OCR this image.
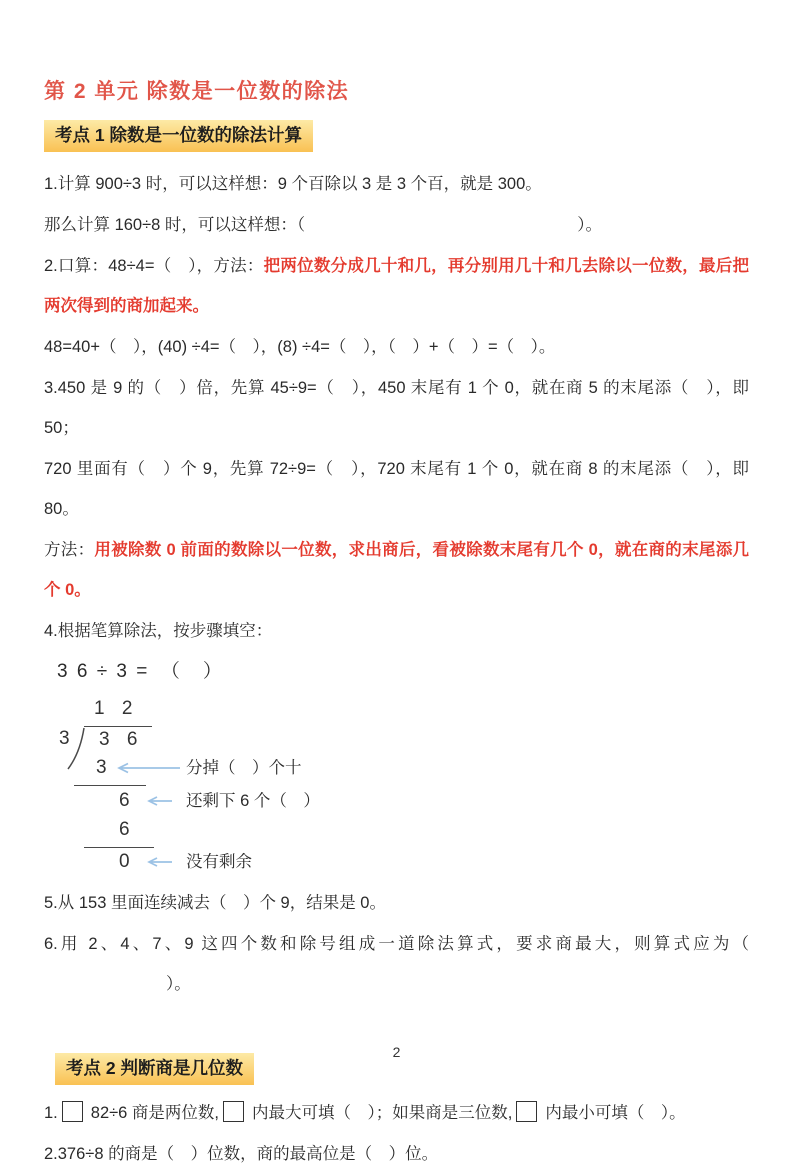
第 2 单元 除数是一位数的除法
考点 1 除数是一位数的除法计算

1.计算 900÷3 时，可以这样想：9 个百除以 3 是 3 个百，就是 300。

那么计算 160÷8 时，可以这样想：（	）。

2.口算：48÷4=（　），方法：把两位数分成几十和几，再分别用几十和几去除以一位数，最后把两次得到的商加起来。

48=40+（　），(40) ÷4=（　），(8) ÷4=（　），（　）+（　）=（　）。

3.450 是 9 的（　）倍，先算 45÷9=（　），450 末尾有 1 个 0，就在商 5 的末尾添（　），即 50；

720 里面有（　）个 9，先算 72÷9=（　），720 末尾有 1 个 0，就在商 8 的末尾添（　），即 80。

方法：用被除数 0 前面的数除以一位数，求出商后，看被除数末尾有几个 0，就在商的末尾添几个 0。

4.根据笔算除法，按步骤填空：

3 6 ÷ 3 =　（　）

1 2
3 3 6
3	分掉（　）个十
6	还剩下 6 个（　）
6
0	没有剩余

5.从 153 里面连续减去（　）个 9，结果是 0。

6.用 2、4、7、9 这四个数和除号组成一道除法算式，要求商最大，则算式应为（）。

考点 2 判断商是几位数

1. 82÷6 商是两位数, 内最大可填（　）；如果商是三位数, 内最小可填（　）。

2.376÷8 的商是（　）位数，商的最高位是（　）位。

2
